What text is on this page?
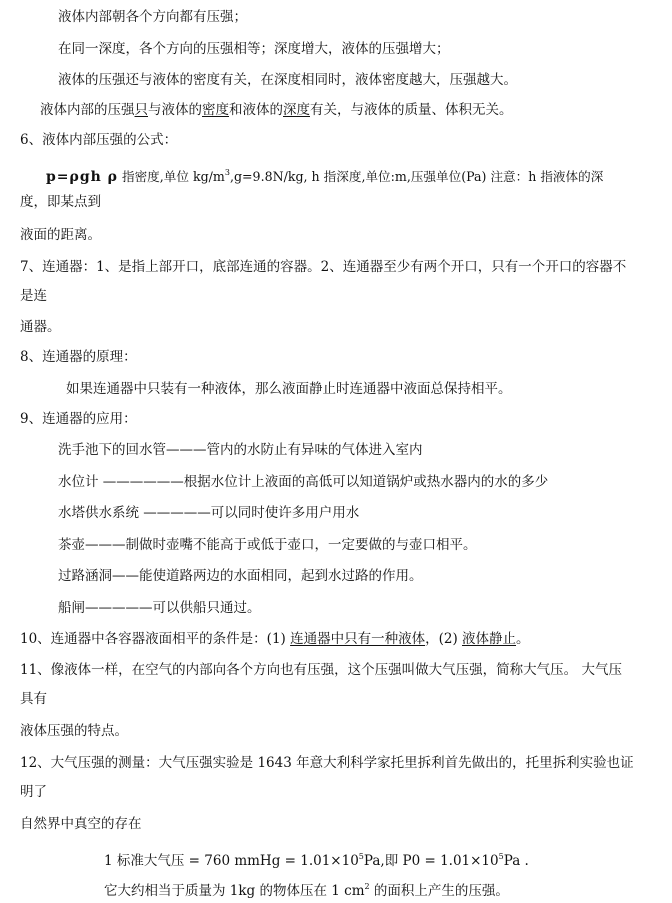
液体内部朝各个方向都有压强；
在同一深度，各个方向的压强相等；深度增大，液体的压强增大；
液体的压强还与液体的密度有关，在深度相同时，液体密度越大，压强越大。
液体内部的压强只与液体的密度和液体的深度有关，与液体的质量、体积无关。
6、液体内部压强的公式：
p=ρgh ρ 指密度,单位 $kg/m^3,g=9.8N/kg$, h 指深度,单位:m,压强单位(Pa) 注意：h 指液体的深
度，即某点到
液面的距离。
7、连通器：1、是指上部开口，底部连通的容器。2、连通器至少有两个开口，只有一个开口的容器不
是连
通器。
8、连通器的原理：
如果连通器中只装有一种液体，那么液面静止时连通器中液面总保持相平。
9、连通器的应用：
洗手池下的回水管———管内的水防止有异味的气体进入室内
水位计 ——————根据水位计上液面的高低可以知道锅炉或热水器内的水的多少
水塔供水系统 —————可以同时使许多用户用水
茶壶———制做时壶嘴不能高于或低于壶口，一定要做的与壶口相平。
过路涵洞——能使道路两边的水面相同，起到水过路的作用。
船闸—————可以供船只通过。
10、连通器中各容器液面相平的条件是：(1) 连通器中只有一种液体，(2) 液体静止。
11、像液体一样，在空气的内部向各个方向也有压强，这个压强叫做大气压强，简称大气压。 大气压
具有
液体压强的特点。
12、大气压强的测量：大气压强实验是 1643 年意大利科学家托里拆利首先做出的，托里拆利实验也证
明了
自然界中真空的存在
1 标准大气压 = 760 mmHg = $1.01\times 10^5Pa$,即 $P0 = 1.01\times 10^5Pa$ .
它大约相当于质量为 1kg 的物体压在 1 $cm^2$ 的面积上产生的压强。
